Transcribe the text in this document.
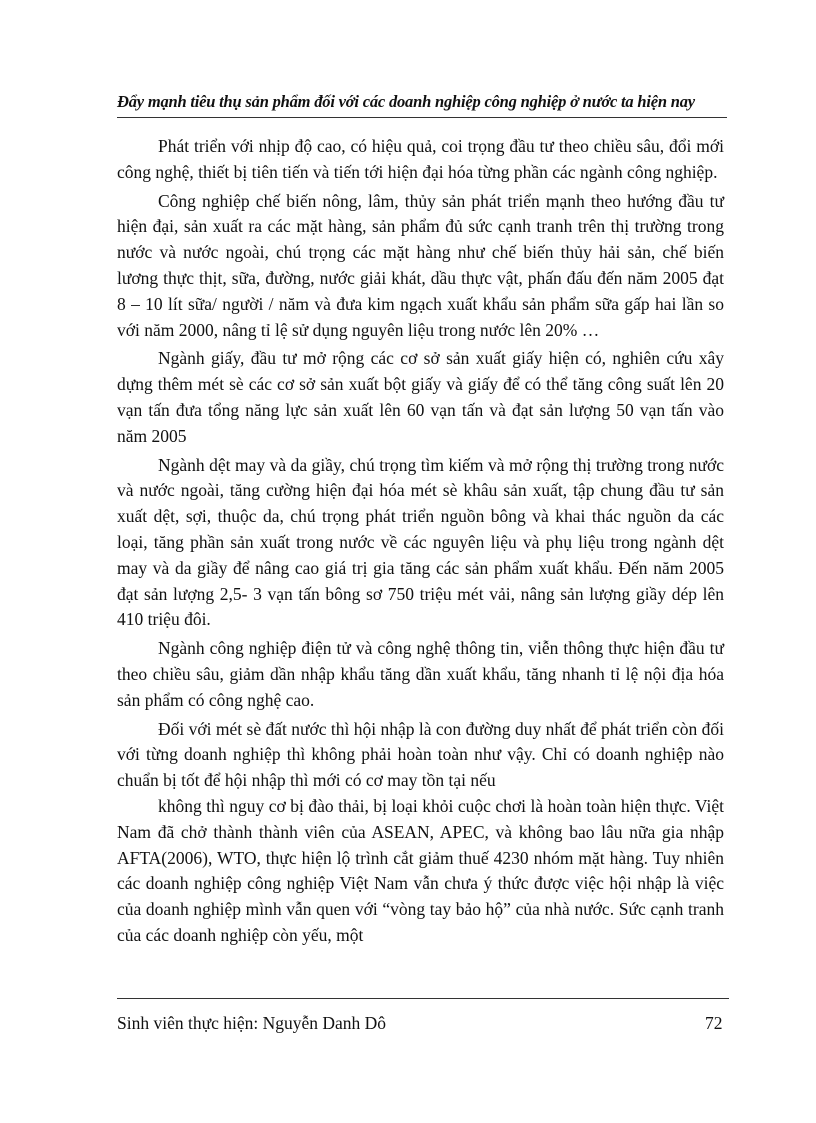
Đẩy mạnh tiêu thụ sản phẩm đối với các doanh nghiệp công nghiệp ở nước ta hiện nay

Phát triển với nhịp độ cao, có hiệu quả, coi trọng đầu tư theo chiều sâu, đổi mới công nghệ, thiết bị tiên tiến và tiến tới hiện đại hóa từng phần các ngành công nghiệp.

Công nghiệp chế biến nông, lâm, thủy sản phát triển mạnh theo hướng đầu tư hiện đại, sản xuất ra các mặt hàng, sản phẩm đủ sức cạnh tranh trên thị trường trong nước và nước ngoài, chú trọng các mặt hàng như chế biến thủy hải sản, chế biến lương thực thịt, sữa, đường, nước giải khát, dầu thực vật, phấn đấu đến năm 2005 đạt 8 – 10 lít sữa/ người / năm và đưa kim ngạch xuất khẩu sản phẩm sữa gấp hai lần so với năm 2000, nâng tỉ lệ sử dụng nguyên liệu trong nước lên 20% …

Ngành giấy, đầu tư mở rộng các cơ sở sản xuất giấy hiện có, nghiên cứu xây dựng thêm mét sè các cơ sở sản xuất bột giấy và giấy để có thể tăng công suất lên 20 vạn tấn đưa tổng năng lực sản xuất lên 60 vạn tấn và đạt sản lượng 50 vạn tấn vào năm 2005

Ngành dệt may và da giầy, chú trọng tìm kiếm và mở rộng thị trường trong nước và nước ngoài, tăng cường hiện đại hóa mét sè khâu sản xuất, tập chung đầu tư sản xuất dệt, sợi, thuộc da, chú trọng phát triển nguồn bông và khai thác nguồn da các loại, tăng phần sản xuất trong nước về các nguyên liệu và phụ liệu trong ngành dệt may và da giầy để nâng cao giá trị gia tăng các sản phẩm xuất khẩu. Đến năm 2005 đạt sản lượng 2,5- 3 vạn tấn bông sơ 750 triệu mét vải, nâng sản lượng giầy dép lên 410 triệu đôi.

Ngành công nghiệp điện tử và công nghệ thông tin, viễn thông thực hiện đầu tư theo chiều sâu, giảm dần nhập khẩu tăng dần xuất khẩu, tăng nhanh tỉ lệ nội địa hóa sản phẩm có công nghệ cao.

Đối với mét sè đất nước thì hội nhập là con đường duy nhất để phát triển còn đối với từng doanh nghiệp thì không phải hoàn toàn như vậy. Chỉ có doanh nghiệp nào chuẩn bị tốt để hội nhập thì mới có cơ may tồn tại nếu

không thì nguy cơ bị đào thải, bị loại khỏi cuộc chơi là hoàn toàn hiện thực. Việt Nam đã chở thành thành viên của ASEAN, APEC, và không bao lâu nữa gia nhập AFTA(2006), WTO, thực hiện lộ trình cắt giảm thuế 4230 nhóm mặt hàng. Tuy nhiên các doanh nghiệp công nghiệp Việt Nam vẫn chưa ý thức được việc hội nhập là việc của doanh nghiệp mình vẫn quen với “vòng tay bảo hộ” của nhà nước. Sức cạnh tranh của các doanh nghiệp còn yếu, một

Sinh viên thực hiện: Nguyễn Danh Dô	72
